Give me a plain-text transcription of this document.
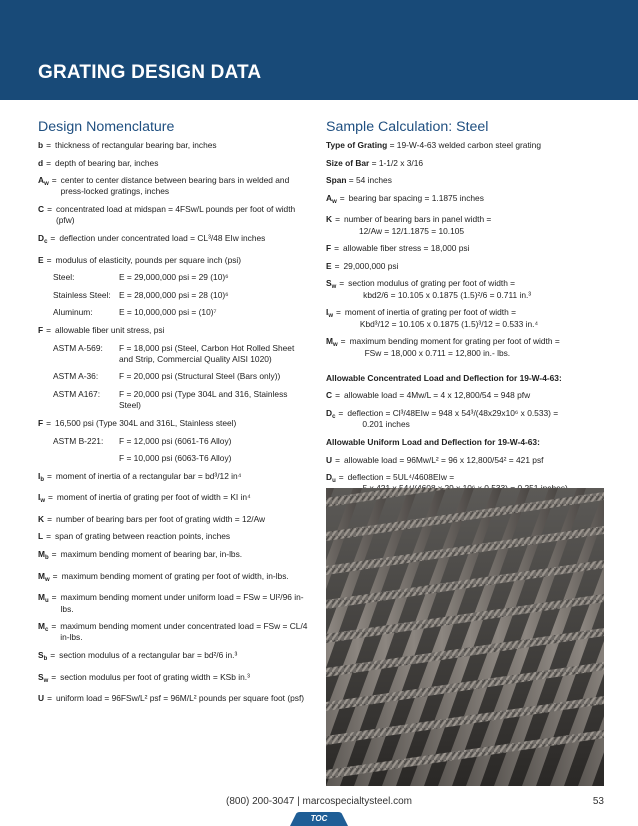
GRATING DESIGN DATA
Design Nomenclature
b = thickness of rectangular bearing bar, inches
d = depth of bearing bar, inches
$A_w$ = center to center distance between bearing bars in welded and press-locked gratings, inches
C = concentrated load at midspan = 4FSw/L pounds per foot of width (pfw)
$D_c$ = deflection under concentrated load = CL³/48 EIw inches
E = modulus of elasticity, pounds per square inch (psi)
Steel:	E = 29,000,000 psi = 29 (10)⁶
Stainless Steel: E = 28,000,000 psi = 28 (10)⁶
Aluminum:	E = 10,000,000 psi = (10)⁷
F = allowable fiber unit stress, psi
ASTM A-569:	F = 18,000 psi (Steel, Carbon Hot Rolled Sheet and Strip, Commercial Quality AISI 1020)
ASTM A-36:	F = 20,000 psi (Structural Steel (Bars only))
ASTM A167:	F = 20,000 psi (Type 304L and 316, Stainless Steel)
F = 16,500 psi (Type 304L and 316L, Stainless steel)
ASTM B-221:	F = 12,000 psi (6061-T6 Alloy)
F = 10,000 psi (6063-T6 Alloy)
$I_b$ = moment of inertia of a rectangular bar = bd³/12 in⁴
$I_w$ = moment of inertia of grating per foot of width = KI in⁴
K = number of bearing bars per foot of grating width = 12/Aw
L = span of grating between reaction points, inches
$M_b$ = maximum bending moment of bearing bar, in-lbs.
$M_w$ = maximum bending moment of grating per foot of width, in-lbs.
$M_u$ = maximum bending moment under uniform load = FSw = Ul²/96 in-lbs.
$M_c$ = maximum bending moment under concentrated load = FSw = CL/4 in-lbs.
$S_b$ = section modulus of a rectangular bar = bd²/6 in.³
$S_w$ = section modulus per foot of grating width = KSb in.³
U = uniform load = 96FSw/L² psf = 96M/L² pounds per square foot (psf)
Sample Calculation: Steel
Type of Grating = 19-W-4-63 welded carbon steel grating
Size of Bar = 1-1/2 x 3/16
Span = 54 inches
$A_w$ = bearing bar spacing = 1.1875 inches
K = number of bearing bars in panel width =
12/Aw = 12/1.1875 = 10.105
F = allowable fiber stress = 18,000 psi
E = 29,000,000 psi
$S_w$ = section modulus of grating per foot of width =
kbd2/6 = 10.105 x 0.1875 (1.5)²/6 = 0.711 in.³
$I_w$ = moment of inertia of grating per foot of width =
Kbd³/12 = 10.105 x 0.1875 (1.5)³/12 = 0.533 in.⁴
$M_w$ = maximum bending moment for grating per foot of width =
FSw = 18,000 x 0.711 = 12,800 in.- lbs.
Allowable Concentrated Load and Deflection for 19-W-4-63:
C = allowable load = 4Mw/L = 4 x 12,800/54 = 948 pfw
$D_c$ = deflection = Cl³/48EIw = 948 x 54³/(48x29x10⁶ x 0.533) =
0.201 inches
Allowable Uniform Load and Deflection for 19-W-4-63:
U = allowable load = 96Mw/L² = 96 x 12,800/54² = 421 psf
$D_u$ = deflection = 5UL⁴/4608EIw =

(800) 200-3047 | marcospecialtysteel.com	53
TOC
